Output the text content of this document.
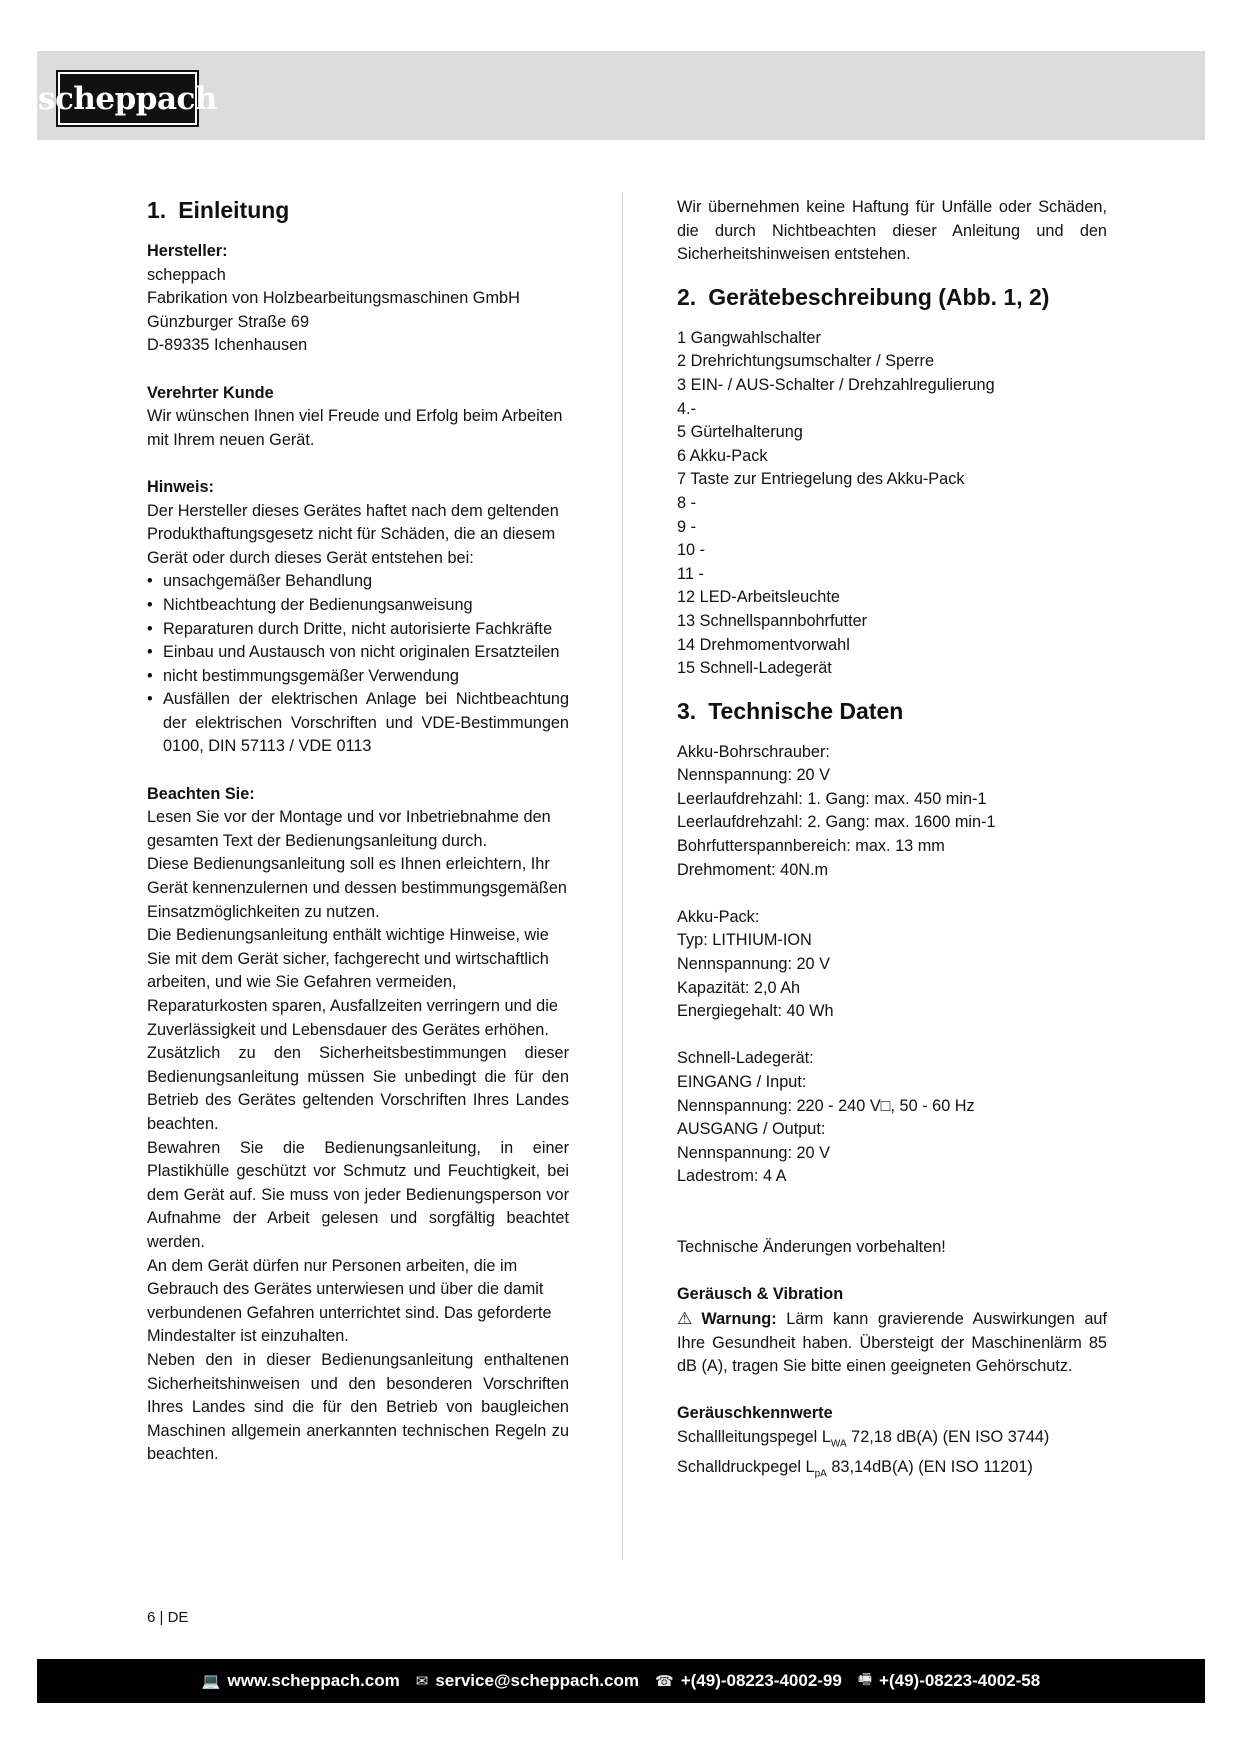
scheppach
1. Einleitung

Hersteller:

scheppach

Fabrikation von Holzbearbeitungsmaschinen GmbH

Günzburger Straße 69

D-89335 Ichenhausen

Verehrter Kunde

Wir wünschen Ihnen viel Freude und Erfolg beim Arbeiten mit Ihrem neuen Gerät.

Hinweis:

Der Hersteller dieses Gerätes haftet nach dem geltenden Produkthaftungsgesetz nicht für Schäden, die an diesem Gerät oder durch dieses Gerät entstehen bei:

• unsachgemäßer Behandlung
• Nichtbeachtung der Bedienungsanweisung
• Reparaturen durch Dritte, nicht autorisierte Fachkräfte
• Einbau und Austausch von nicht originalen Ersatzteilen
• nicht bestimmungsgemäßer Verwendung
• Ausfällen der elektrischen Anlage bei Nichtbeachtung der elektrischen Vorschriften und VDE-Bestimmungen 0100, DIN 57113 / VDE 0113

Beachten Sie:

Lesen Sie vor der Montage und vor Inbetriebnahme den gesamten Text der Bedienungsanleitung durch.

Diese Bedienungsanleitung soll es Ihnen erleichtern, Ihr Gerät kennenzulernen und dessen bestimmungsgemäßen Einsatzmöglichkeiten zu nutzen.

Die Bedienungsanleitung enthält wichtige Hinweise, wie Sie mit dem Gerät sicher, fachgerecht und wirtschaftlich arbeiten, und wie Sie Gefahren vermeiden, Reparaturkosten sparen, Ausfallzeiten verringern und die Zuverlässigkeit und Lebensdauer des Gerätes erhöhen.

Zusätzlich zu den Sicherheitsbestimmungen dieser Bedienungsanleitung müssen Sie unbedingt die für den Betrieb des Gerätes geltenden Vorschriften Ihres Landes beachten.

Bewahren Sie die Bedienungsanleitung, in einer Plastikhülle geschützt vor Schmutz und Feuchtigkeit, bei dem Gerät auf. Sie muss von jeder Bedienungsperson vor Aufnahme der Arbeit gelesen und sorgfältig beachtet werden.

An dem Gerät dürfen nur Personen arbeiten, die im Gebrauch des Gerätes unterwiesen und über die damit verbundenen Gefahren unterrichtet sind. Das geforderte Mindestalter ist einzuhalten.

Neben den in dieser Bedienungsanleitung enthaltenen Sicherheitshinweisen und den besonderen Vorschriften Ihres Landes sind die für den Betrieb von baugleichen Maschinen allgemein anerkannten technischen Regeln zu beachten.

Wir übernehmen keine Haftung für Unfälle oder Schäden, die durch Nichtbeachten dieser Anleitung und den Sicherheitshinweisen entstehen.

2. Gerätebeschreibung (Abb. 1, 2)

1 Gangwahlschalter

2 Drehrichtungsumschalter / Sperre

3 EIN- / AUS-Schalter / Drehzahlregulierung

4.-

5 Gürtelhalterung

6 Akku-Pack

7 Taste zur Entriegelung des Akku-Pack

8 -

9 -

10 -

11 -

12 LED-Arbeitsleuchte

13 Schnellspannbohrfutter

14 Drehmomentvorwahl

15 Schnell-Ladegerät

3. Technische Daten

Akku-Bohrschrauber:

Nennspannung: 20 V

Leerlaufdrehzahl: 1. Gang: max. 450 min-1

Leerlaufdrehzahl: 2. Gang: max. 1600 min-1

Bohrfutterspannbereich: max. 13 mm

Drehmoment: 40N.m

Akku-Pack:

Typ: LITHIUM-ION

Nennspannung: 20 V

Kapazität: 2,0 Ah

Energiegehalt: 40 Wh

Schnell-Ladegerät:

EINGANG / Input:

Nennspannung: 220 - 240 V□, 50 - 60 Hz

AUSGANG / Output:

Nennspannung: 20 V

Ladestrom: 4 A

Technische Änderungen vorbehalten!

Geräusch & Vibration

⚠ Warnung: Lärm kann gravierende Auswirkungen auf Ihre Gesundheit haben. Übersteigt der Maschinenlärm 85 dB (A), tragen Sie bitte einen geeigneten Gehörschutz.

Geräuschkennwerte

Schallleitungspegel $L_{WA}$ 72,18 dB(A) (EN ISO 3744)

Schalldruckpegel $L_{pA}$ 83,14dB(A) (EN ISO 11201)

6 | DE
💻 www.scheppach.com ✉ service@scheppach.com ☎ +(49)-08223-4002-99 🖷 +(49)-08223-4002-58
